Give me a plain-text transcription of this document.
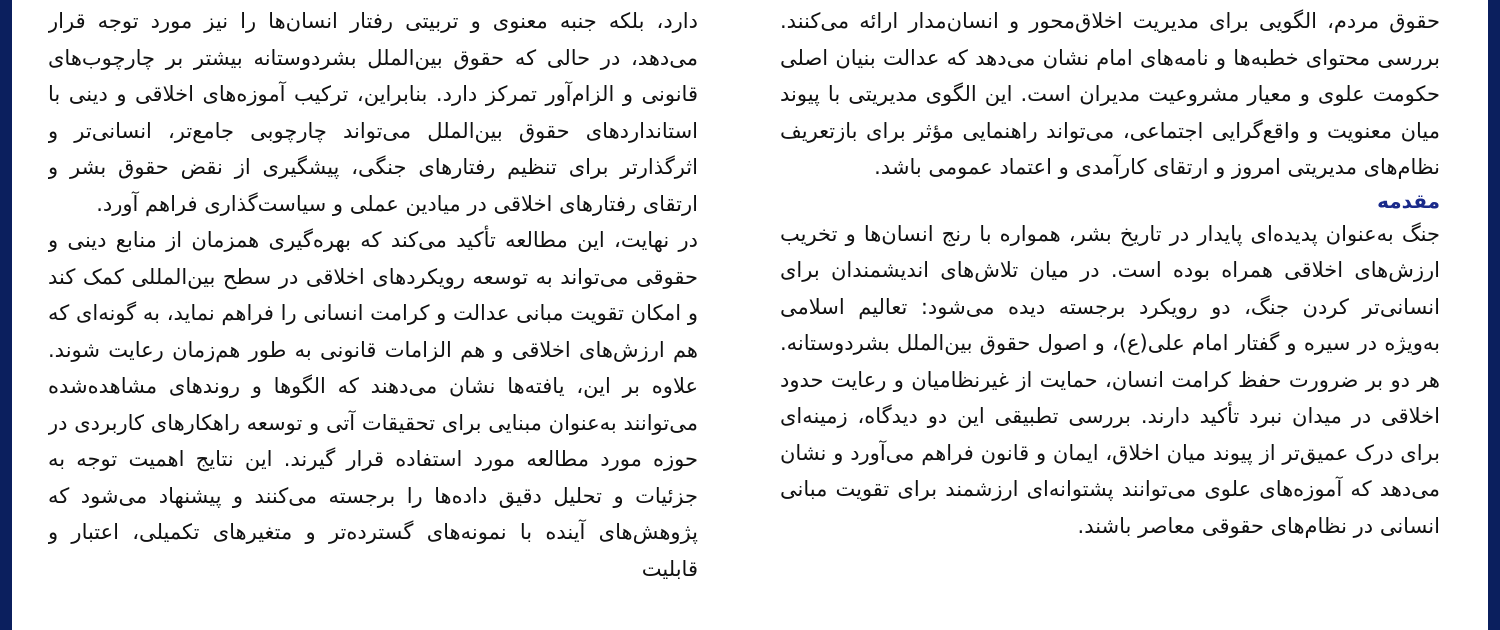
دارد، بلکه جنبه معنوی و تربیتی رفتار انسان‌ها را نیز مورد توجه قرار می‌دهد، در حالی که حقوق بین‌الملل بشردوستانه بیشتر بر چارچوب‌های قانونی و الزام‌آور تمرکز دارد. بنابراین، ترکیب آموزه‌های اخلاقی و دینی با استانداردهای حقوق بین‌الملل می‌تواند چارچوبی جامع‌تر، انسانی‌تر و اثرگذارتر برای تنظیم رفتارهای جنگی، پیشگیری از نقض حقوق بشر و ارتقای رفتارهای اخلاقی در میادین عملی و سیاست‌گذاری فراهم آورد.

در نهایت، این مطالعه تأکید می‌کند که بهره‌گیری همزمان از منابع دینی و حقوقی می‌تواند به توسعه رویکردهای اخلاقی در سطح بین‌المللی کمک کند و امکان تقویت مبانی عدالت و کرامت انسانی را فراهم نماید، به گونه‌ای که هم ارزش‌های اخلاقی و هم الزامات قانونی به طور هم‌زمان رعایت شوند. علاوه بر این، یافته‌ها نشان می‌دهند که الگوها و روندهای مشاهده‌شده می‌توانند به‌عنوان مبنایی برای تحقیقات آتی و توسعه راهکارهای کاربردی در حوزه مورد مطالعه مورد استفاده قرار گیرند. این نتایج اهمیت توجه به جزئیات و تحلیل دقیق داده‌ها را برجسته می‌کنند و پیشنهاد می‌شود که پژوهش‌های آینده با نمونه‌های گسترده‌تر و متغیرهای تکمیلی، اعتبار و قابلیت

حقوق مردم، الگویی برای مدیریت اخلاق‌محور و انسان‌مدار ارائه می‌کنند. بررسی محتوای خطبه‌ها و نامه‌های امام نشان می‌دهد که عدالت بنیان اصلی حکومت علوی و معیار مشروعیت مدیران است. این الگوی مدیریتی با پیوند میان معنویت و واقع‌گرایی اجتماعی، می‌تواند راهنمایی مؤثر برای بازتعریف نظام‌های مدیریتی امروز و ارتقای کارآمدی و اعتماد عمومی باشد.

مقدمه

جنگ به‌عنوان پدیده‌ای پایدار در تاریخ بشر، همواره با رنج انسان‌ها و تخریب ارزش‌های اخلاقی همراه بوده است. در میان تلاش‌های اندیشمندان برای انسانی‌تر کردن جنگ، دو رویکرد برجسته دیده می‌شود: تعالیم اسلامی به‌ویژه در سیره و گفتار امام علی(ع)، و اصول حقوق بین‌الملل بشردوستانه. هر دو بر ضرورت حفظ کرامت انسان، حمایت از غیرنظامیان و رعایت حدود اخلاقی در میدان نبرد تأکید دارند. بررسی تطبیقی این دو دیدگاه، زمینه‌ای برای درک عمیق‌تر از پیوند میان اخلاق، ایمان و قانون فراهم می‌آورد و نشان می‌دهد که آموزه‌های علوی می‌توانند پشتوانه‌ای ارزشمند برای تقویت مبانی انسانی در نظام‌های حقوقی معاصر باشند.
